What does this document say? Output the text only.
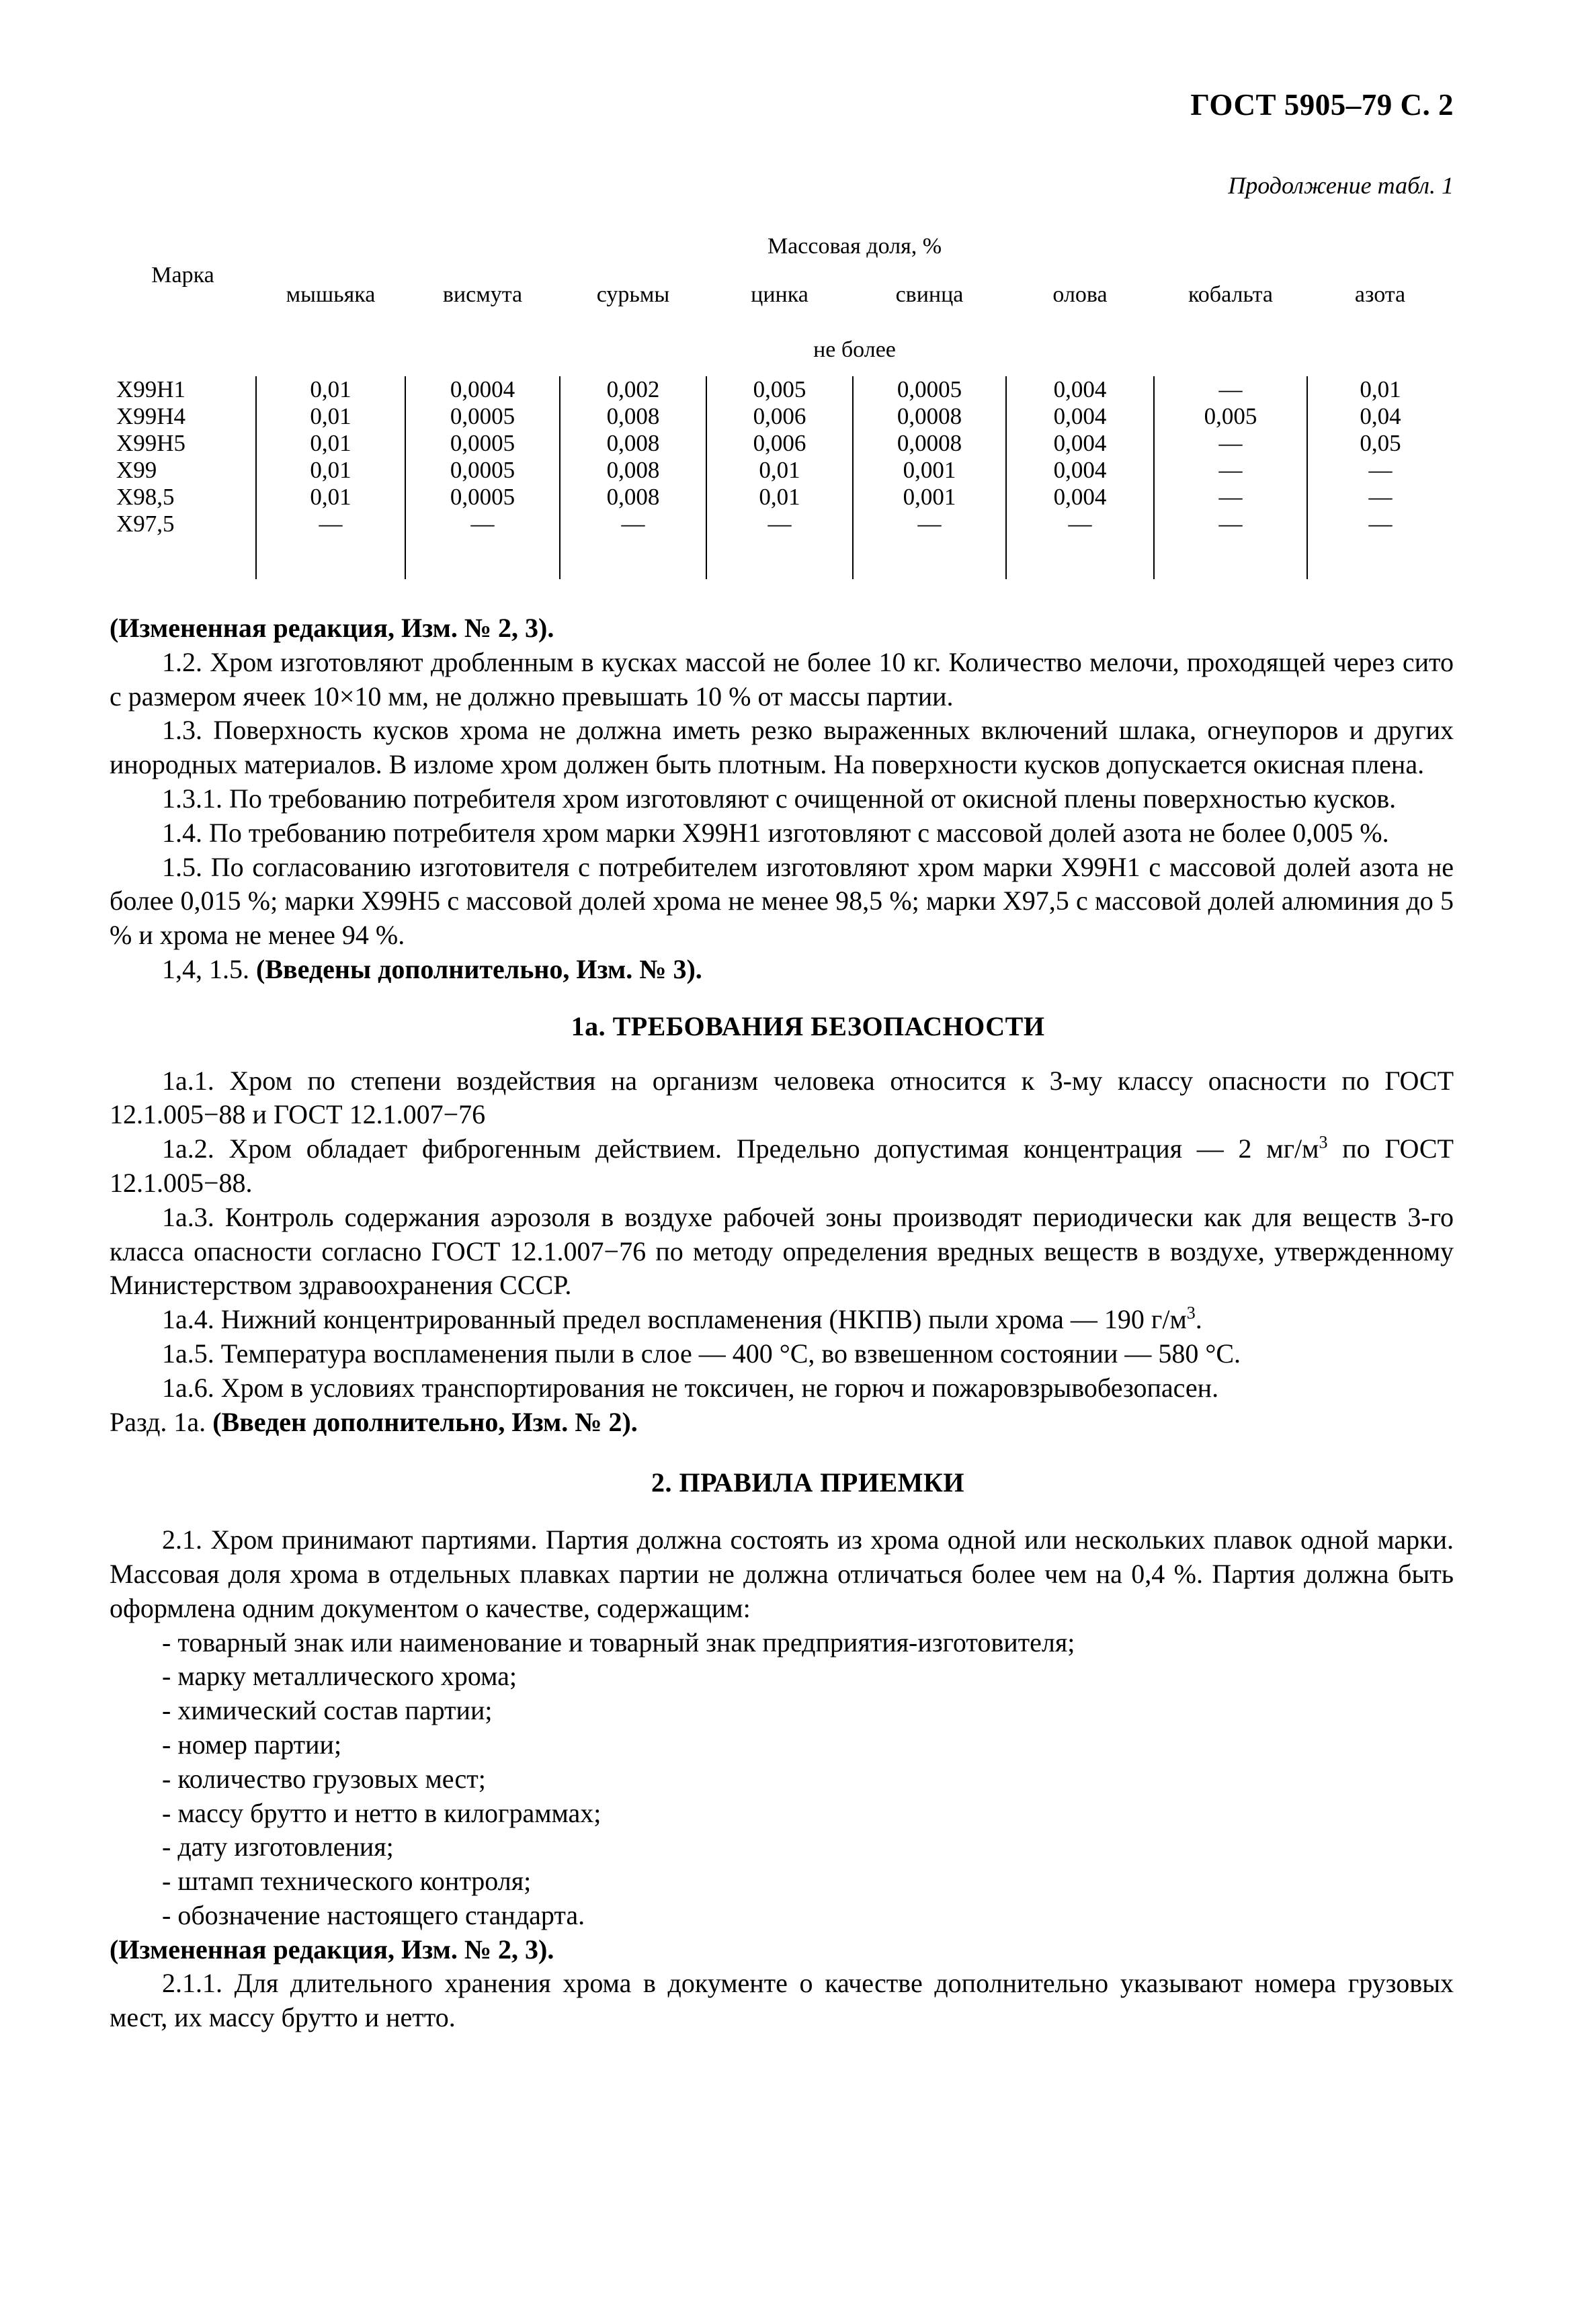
ГОСТ 5905‒79 С. 2
Продолжение табл. 1
Марка	Массовая доля, %							
	мышьяка	висмута	сурьмы	цинка	свинца	олова	кобальта	азота
	не более							
Х99Н1	0,01	0,0004	0,002	0,005	0,0005	0,004	—	0,01
Х99Н4	0,01	0,0005	0,008	0,006	0,0008	0,004	0,005	0,04
Х99Н5	0,01	0,0005	0,008	0,006	0,0008	0,004	—	0,05
Х99	0,01	0,0005	0,008	0,01	0,001	0,004	—	—
Х98,5	0,01	0,0005	0,008	0,01	0,001	0,004	—	—
Х97,5	—	—	—	—	—	—	—	—

(Измененная редакция, Изм. № 2, 3).

1.2. Хром изготовляют дробленным в кусках массой не более 10 кг. Количество мелочи, проходящей через сито с размером ячеек 10×10 мм, не должно превышать 10 % от массы партии.

1.3. Поверхность кусков хрома не должна иметь резко выраженных включений шлака, огнеупоров и других инородных материалов. В изломе хром должен быть плотным. На поверхности кусков допускается окисная плена.

1.3.1. По требованию потребителя хром изготовляют с очищенной от окисной плены поверхностью кусков.

1.4. По требованию потребителя хром марки Х99Н1 изготовляют с массовой долей азота не более 0,005 %.

1.5. По согласованию изготовителя с потребителем изготовляют хром марки Х99Н1 с массовой долей азота не более 0,015 %; марки Х99Н5 с массовой долей хрома не менее 98,5 %; марки Х97,5 с массовой долей алюминия до 5 % и хрома не менее 94 %.

1,4, 1.5. (Введены дополнительно, Изм. № 3).

1a. ТРЕБОВАНИЯ БЕЗОПАСНОСТИ

1a.1. Хром по степени воздействия на организм человека относится к 3-му классу опасности по ГОСТ 12.1.005−88 и ГОСТ 12.1.007−76

1a.2. Хром обладает фиброгенным действием. Предельно допустимая концентрация — 2 $мг/м^3$ по ГОСТ 12.1.005−88.

1a.3. Контроль содержания аэрозоля в воздухе рабочей зоны производят периодически как для веществ 3-го класса опасности согласно ГОСТ 12.1.007−76 по методу определения вредных веществ в воздухе, утвержденному Министерством здравоохранения СССР.

1a.4. Нижний концентрированный предел воспламенения (НКПВ) пыли хрома — 190 $г/м^3$.

1a.5. Температура воспламенения пыли в слое — 400 °C, во взвешенном состоянии — 580 °C.

1a.6. Хром в условиях транспортирования не токсичен, не горюч и пожаровзрывобезопасен.

Разд. 1a. (Введен дополнительно, Изм. № 2).

2. ПРАВИЛА ПРИЕМКИ

2.1. Хром принимают партиями. Партия должна состоять из хрома одной или нескольких плавок одной марки. Массовая доля хрома в отдельных плавках партии не должна отличаться более чем на 0,4 %. Партия должна быть оформлена одним документом о качестве, содержащим:

- товарный знак или наименование и товарный знак предприятия-изготовителя;

- марку металлического хрома;

- химический состав партии;

- номер партии;

- количество грузовых мест;

- массу брутто и нетто в килограммах;

- дату изготовления;

- штамп технического контроля;

- обозначение настоящего стандарта.

(Измененная редакция, Изм. № 2, 3).

2.1.1. Для длительного хранения хрома в документе о качестве дополнительно указывают номера грузовых мест, их массу брутто и нетто.
